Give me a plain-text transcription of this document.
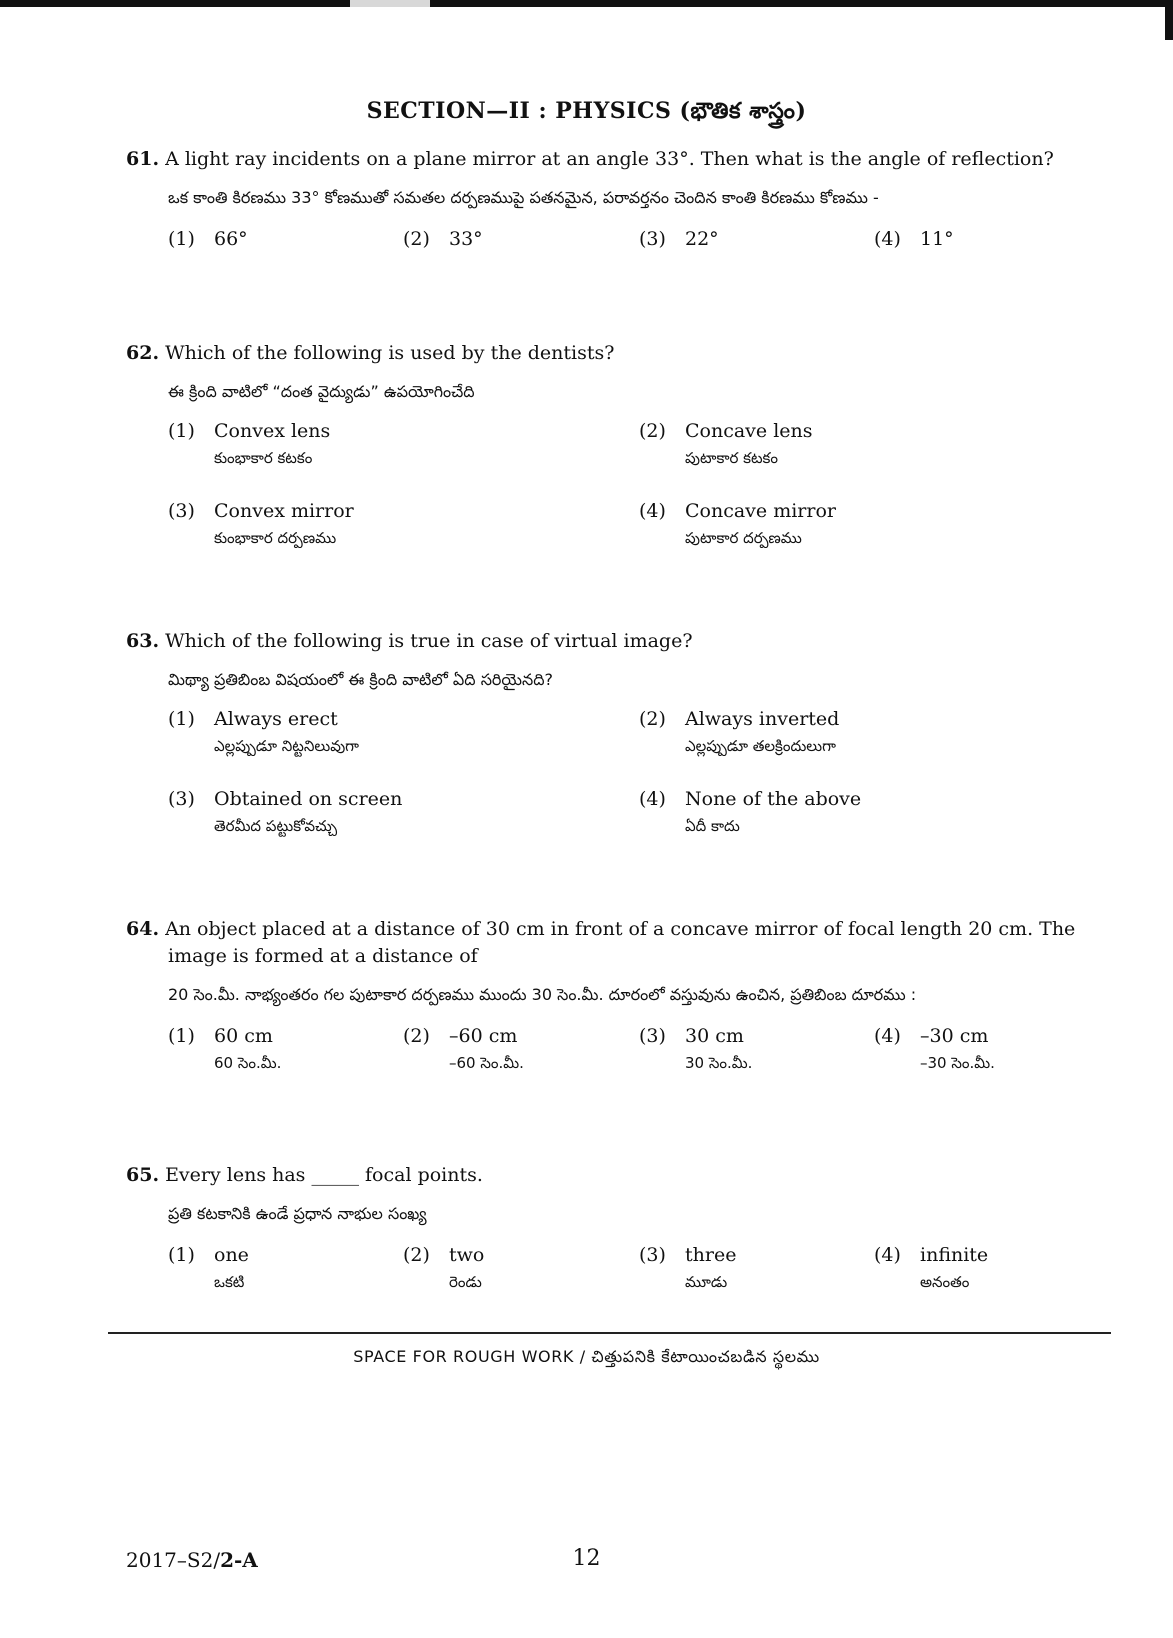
SECTION—II : PHYSICS (భౌతిక శాస్త్రం)
61. A light ray incidents on a plane mirror at an angle 33°. Then what is the angle of reflection?
ఒక కాంతి కిరణము 33° కోణముతో సమతల దర్పణముపై పతనమైన, పరావర్తనం చెందిన కాంతి కిరణము కోణము -
(1) 66°	(2) 33°	(3) 22°	(4) 11°
62. Which of the following is used by the dentists?
ఈ క్రింది వాటిలో “దంత వైద్యుడు” ఉపయోగించేది
(1) Convex lens
కుంభాకార కటకం
(2) Concave lens
పుటాకార కటకం
(3) Convex mirror
కుంభాకార దర్పణము
(4) Concave mirror
పుటాకార దర్పణము
63. Which of the following is true in case of virtual image?
మిథ్యా ప్రతిబింబ విషయంలో ఈ క్రింది వాటిలో ఏది సరియైనది?
(1) Always erect
ఎల్లప్పుడూ నిట్టనిలువుగా
(2) Always inverted
ఎల్లప్పుడూ తలక్రిందులుగా
(3) Obtained on screen
తెరమీద పట్టుకోవచ్చు
(4) None of the above
ఏదీ కాదు
64. An object placed at a distance of 30 cm in front of a concave mirror of focal length 20 cm. The image is formed at a distance of
20 సెం.మీ. నాభ్యంతరం గల పుటాకార దర్పణము ముందు 30 సెం.మీ. దూరంలో వస్తువును ఉంచిన, ప్రతిబింబ దూరము :
(1) 60 cm
60 సెం.మీ.
(2) –60 cm
–60 సెం.మీ.
(3) 30 cm
30 సెం.మీ.
(4) –30 cm
–30 సెం.మీ.
65. Every lens has _____ focal points.
ప్రతి కటకానికి ఉండే ప్రధాన నాభుల సంఖ్య
(1) one
ఒకటి
(2) two
రెండు
(3) three
మూడు
(4) infinite
అనంతం
SPACE FOR ROUGH WORK / చిత్తుపనికి కేటాయించబడిన స్థలము
2017–S2/2-A	12
